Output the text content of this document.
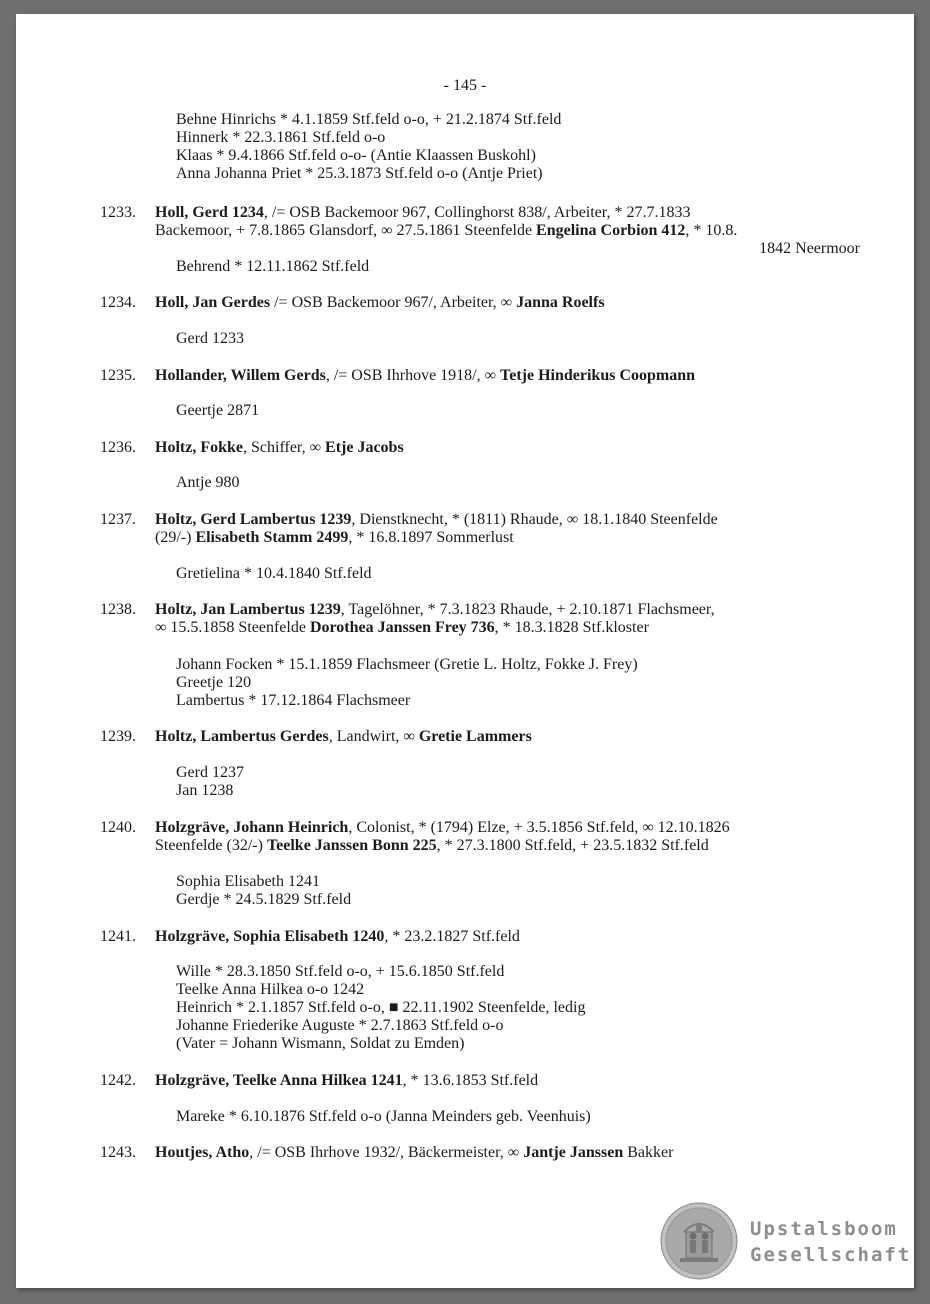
- 145 -
Behne Hinrichs * 4.1.1859 Stf.feld o-o, + 21.2.1874 Stf.feld
Hinnerk * 22.3.1861 Stf.feld o-o
Klaas * 9.4.1866 Stf.feld o-o- (Antie Klaassen Buskohl)
Anna Johanna Priet * 25.3.1873 Stf.feld o-o (Antje Priet)
1233. Holl, Gerd 1234, /= OSB Backemoor 967, Collinghorst 838/, Arbeiter, * 27.7.1833
Backemoor, + 7.8.1865 Glansdorf, ∞ 27.5.1861 Steenfelde Engelina Corbion 412, * 10.8.
1842 Neermoor
Behrend * 12.11.1862 Stf.feld
1234. Holl, Jan Gerdes /= OSB Backemoor 967/, Arbeiter, ∞ Janna Roelfs
Gerd 1233
1235. Hollander, Willem Gerds, /= OSB Ihrhove 1918/, ∞ Tetje Hinderikus Coopmann
Geertje 2871
1236. Holtz, Fokke, Schiffer, ∞ Etje Jacobs
Antje 980
1237. Holtz, Gerd Lambertus 1239, Dienstknecht, * (1811) Rhaude, ∞ 18.1.1840 Steenfelde
(29/-) Elisabeth Stamm 2499, * 16.8.1897 Sommerlust
Gretielina * 10.4.1840 Stf.feld
1238. Holtz, Jan Lambertus 1239, Tagelöhner, * 7.3.1823 Rhaude, + 2.10.1871 Flachsmeer,
∞ 15.5.1858 Steenfelde Dorothea Janssen Frey 736, * 18.3.1828 Stf.kloster
Johann Focken * 15.1.1859 Flachsmeer (Gretie L. Holtz, Fokke J. Frey)
Greetje 120
Lambertus * 17.12.1864 Flachsmeer
1239. Holtz, Lambertus Gerdes, Landwirt, ∞ Gretie Lammers
Gerd 1237
Jan 1238
1240. Holzgräve, Johann Heinrich, Colonist, * (1794) Elze, + 3.5.1856 Stf.feld, ∞ 12.10.1826
Steenfelde (32/-) Teelke Janssen Bonn 225, * 27.3.1800 Stf.feld, + 23.5.1832 Stf.feld
Sophia Elisabeth 1241
Gerdje * 24.5.1829 Stf.feld
1241. Holzgräve, Sophia Elisabeth 1240, * 23.2.1827 Stf.feld
Wille * 28.3.1850 Stf.feld o-o, + 15.6.1850 Stf.feld
Teelke Anna Hilkea o-o 1242
Heinrich * 2.1.1857 Stf.feld o-o, ■ 22.11.1902 Steenfelde, ledig
Johanne Friederike Auguste * 2.7.1863 Stf.feld o-o
(Vater = Johann Wismann, Soldat zu Emden)
1242. Holzgräve, Teelke Anna Hilkea 1241, * 13.6.1853 Stf.feld
Mareke * 6.10.1876 Stf.feld o-o (Janna Meinders geb. Veenhuis)
1243. Houtjes, Atho, /= OSB Ihrhove 1932/, Bäckermeister, ∞ Jantje Janssen Bakker
Upstalsboom
Gesellschaft
